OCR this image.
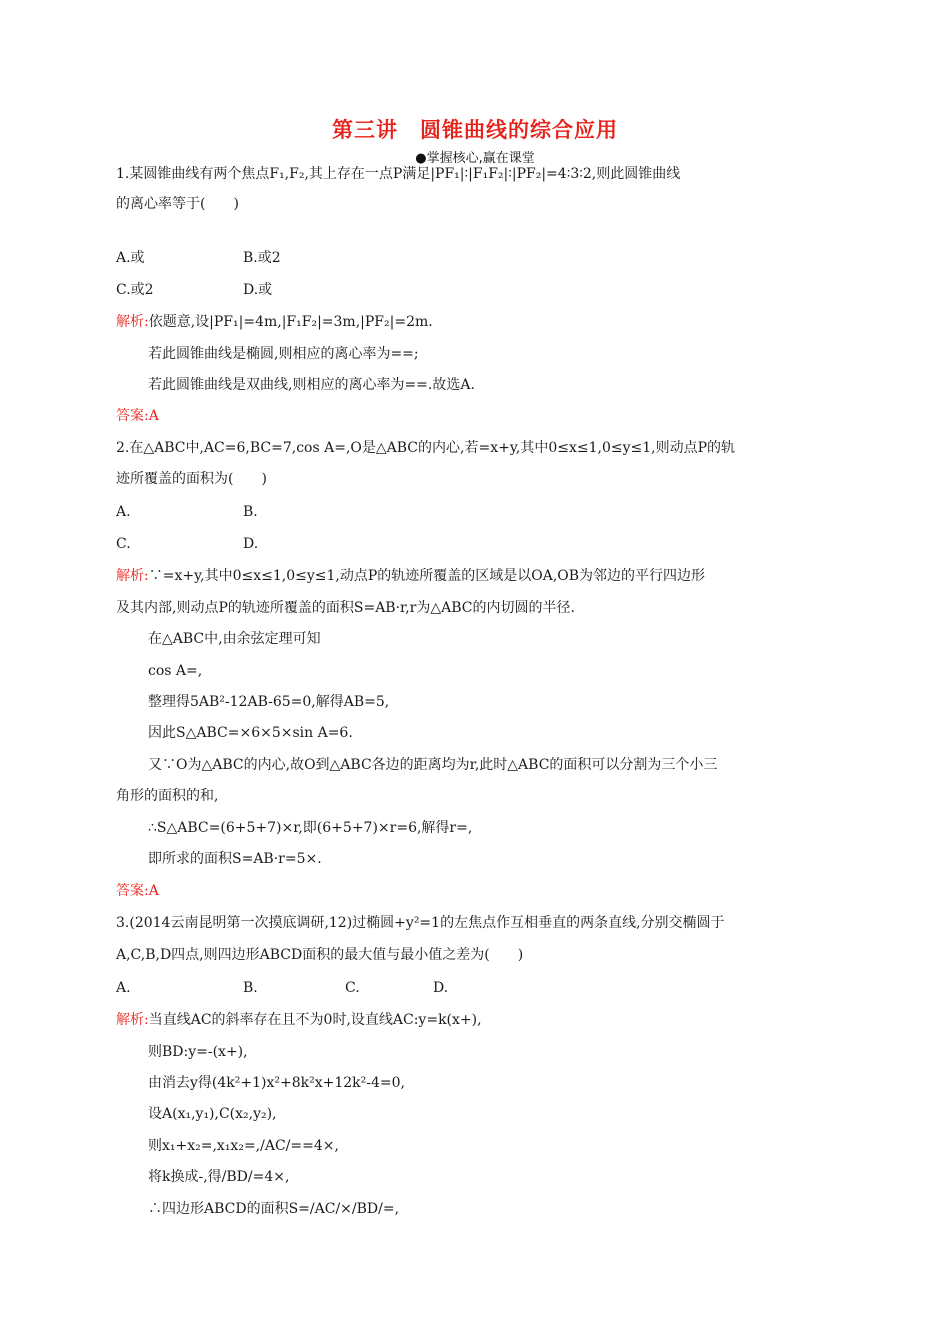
第三讲　圆锥曲线的综合应用
●掌握核心,赢在课堂
1.某圆锥曲线有两个焦点F₁,F₂,其上存在一点P满足|PF₁|∶|F₁F₂|∶|PF₂|=4∶3∶2,则此圆锥曲线
的离心率等于(　　)
A.或	B.或2
C.或2	D.或
解析:依题意,设|PF₁|=4m,|F₁F₂|=3m,|PF₂|=2m.
若此圆锥曲线是椭圆,则相应的离心率为==;
若此圆锥曲线是双曲线,则相应的离心率为==.故选A.
答案:A
2.在△ABC中,AC=6,BC=7,cos A=,O是△ABC的内心,若=x+y,其中0≤x≤1,0≤y≤1,则动点P的轨
迹所覆盖的面积为(　　)
A.	B.
C.	D.
解析:∵=x+y,其中0≤x≤1,0≤y≤1,动点P的轨迹所覆盖的区域是以OA,OB为邻边的平行四边形
及其内部,则动点P的轨迹所覆盖的面积S=AB·r,r为△ABC的内切圆的半径.
在△ABC中,由余弦定理可知
cos A=,
整理得5AB²-12AB-65=0,解得AB=5,
因此S△ABC=×6×5×sin A=6.
又∵O为△ABC的内心,故O到△ABC各边的距离均为r,此时△ABC的面积可以分割为三个小三
角形的面积的和,
∴S△ABC=(6+5+7)×r,即(6+5+7)×r=6,解得r=,
即所求的面积S=AB·r=5×.
答案:A
3.(2014云南昆明第一次摸底调研,12)过椭圆+y²=1的左焦点作互相垂直的两条直线,分别交椭圆于
A,C,B,D四点,则四边形ABCD面积的最大值与最小值之差为(　　)
A.	B.	C.	D.
解析:当直线AC的斜率存在且不为0时,设直线AC:y=k(x+),
则BD:y=-(x+),
由消去y得(4k²+1)x²+8k²x+12k²-4=0,
设A(x₁,y₁),C(x₂,y₂),
则x₁+x₂=,x₁x₂=,/AC/==4×,
将k换成-,得/BD/=4×,
∴四边形ABCD的面积S=/AC/×/BD/=,
